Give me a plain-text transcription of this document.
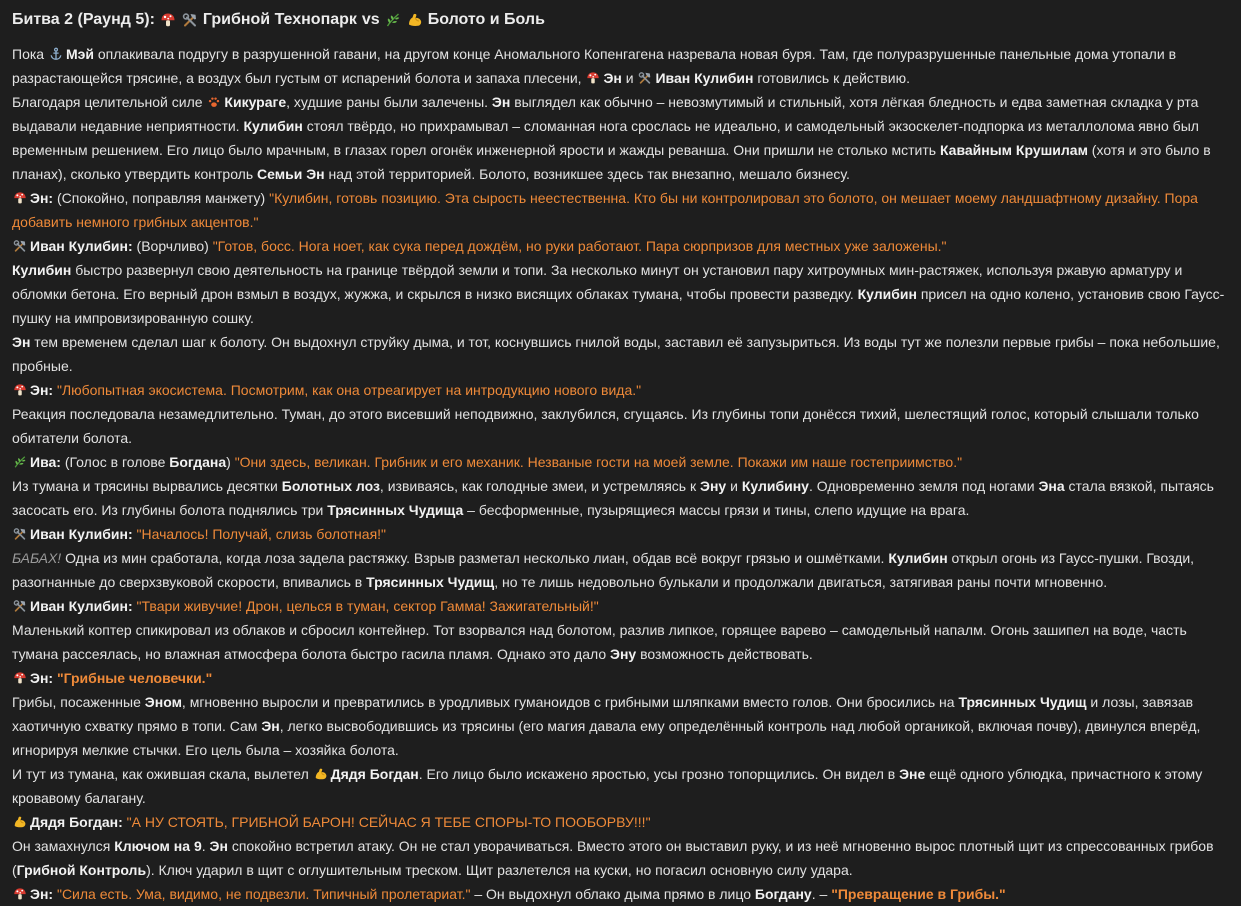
Битва 2 (Раунд 5):	Грибной Технопарк vs	Болото и Боль

Пока
Мэй оплакивала подругу в разрушенной гавани, на другом конце Аномального Копенгагена назревала новая буря. Там, где полуразрушенные панельные дома утопали в разрастающейся трясине, а воздух был густым от испарений болота и запаха плесени,
Эн и
Иван Кулибин готовились к действию.

Благодаря целительной силе
Кикураге, худшие раны были залечены. Эн выглядел как обычно – невозмутимый и стильный, хотя лёгкая бледность и едва заметная складка у рта выдавали недавние неприятности. Кулибин стоял твёрдо, но прихрамывал – сломанная нога срослась не идеально, и самодельный экзоскелет-подпорка из металлолома явно был временным решением. Его лицо было мрачным, в глазах горел огонёк инженерной ярости и жажды реванша. Они пришли не столько мстить Кавайным Крушилам (хотя и это было в планах), сколько утвердить контроль Семьи Эн над этой территорией. Болото, возникшее здесь так внезапно, мешало бизнесу.

Эн: (Спокойно, поправляя манжету) "Кулибин, готовь позицию. Эта сырость неестественна. Кто бы ни контролировал это болото, он мешает моему ландшафтному дизайну. Пора добавить немного грибных акцентов."

Иван Кулибин: (Ворчливо) "Готов, босс. Нога ноет, как сука перед дождём, но руки работают. Пара сюрпризов для местных уже заложены."

Кулибин быстро развернул свою деятельность на границе твёрдой земли и топи. За несколько минут он установил пару хитроумных мин-растяжек, используя ржавую арматуру и обломки бетона. Его верный дрон взмыл в воздух, жужжа, и скрылся в низко висящих облаках тумана, чтобы провести разведку. Кулибин присел на одно колено, установив свою Гаусс-пушку на импровизированную сошку.

Эн тем временем сделал шаг к болоту. Он выдохнул струйку дыма, и тот, коснувшись гнилой воды, заставил её запузыриться. Из воды тут же полезли первые грибы – пока небольшие, пробные.

Эн: "Любопытная экосистема. Посмотрим, как она отреагирует на интродукцию нового вида."

Реакция последовала незамедлительно. Туман, до этого висевший неподвижно, заклубился, сгущаясь. Из глубины топи донёсся тихий, шелестящий голос, который слышали только обитатели болота.

Ива: (Голос в голове Богдана) "Они здесь, великан. Грибник и его механик. Незваные гости на моей земле. Покажи им наше гостеприимство."

Из тумана и трясины вырвались десятки Болотных лоз, извиваясь, как голодные змеи, и устремляясь к Эну и Кулибину. Одновременно земля под ногами Эна стала вязкой, пытаясь засосать его. Из глубины болота поднялись три Трясинных Чудища – бесформенные, пузырящиеся массы грязи и тины, слепо идущие на врага.

Иван Кулибин: "Началось! Получай, слизь болотная!"

БАБАХ! Одна из мин сработала, когда лоза задела растяжку. Взрыв разметал несколько лиан, обдав всё вокруг грязью и ошмётками. Кулибин открыл огонь из Гаусс-пушки. Гвозди, разогнанные до сверхзвуковой скорости, впивались в Трясинных Чудищ, но те лишь недовольно булькали и продолжали двигаться, затягивая раны почти мгновенно.

Иван Кулибин: "Твари живучие! Дрон, целься в туман, сектор Гамма! Зажигательный!"

Маленький коптер спикировал из облаков и сбросил контейнер. Тот взорвался над болотом, разлив липкое, горящее варево – самодельный напалм. Огонь зашипел на воде, часть тумана рассеялась, но влажная атмосфера болота быстро гасила пламя. Однако это дало Эну возможность действовать.

Эн: "Грибные человечки."

Грибы, посаженные Эном, мгновенно выросли и превратились в уродливых гуманоидов с грибными шляпками вместо голов. Они бросились на Трясинных Чудищ и лозы, завязав хаотичную схватку прямо в топи. Сам Эн, легко высвободившись из трясины (его магия давала ему определённый контроль над любой органикой, включая почву), двинулся вперёд, игнорируя мелкие стычки. Его цель была – хозяйка болота.

И тут из тумана, как ожившая скала, вылетел
Дядя Богдан. Его лицо было искажено яростью, усы грозно топорщились. Он видел в Эне ещё одного ублюдка, причастного к этому кровавому балагану.

Дядя Богдан: "А НУ СТОЯТЬ, ГРИБНОЙ БАРОН! СЕЙЧАС Я ТЕБЕ СПОРЫ-ТО ПООБОРВУ!!!"

Он замахнулся Ключом на 9. Эн спокойно встретил атаку. Он не стал уворачиваться. Вместо этого он выставил руку, и из неё мгновенно вырос плотный щит из спрессованных грибов (Грибной Контроль). Ключ ударил в щит с оглушительным треском. Щит разлетелся на куски, но погасил основную силу удара.

Эн: "Сила есть. Ума, видимо, не подвезли. Типичный пролетариат." – Он выдохнул облако дыма прямо в лицо Богдану. – "Превращение в Грибы."
